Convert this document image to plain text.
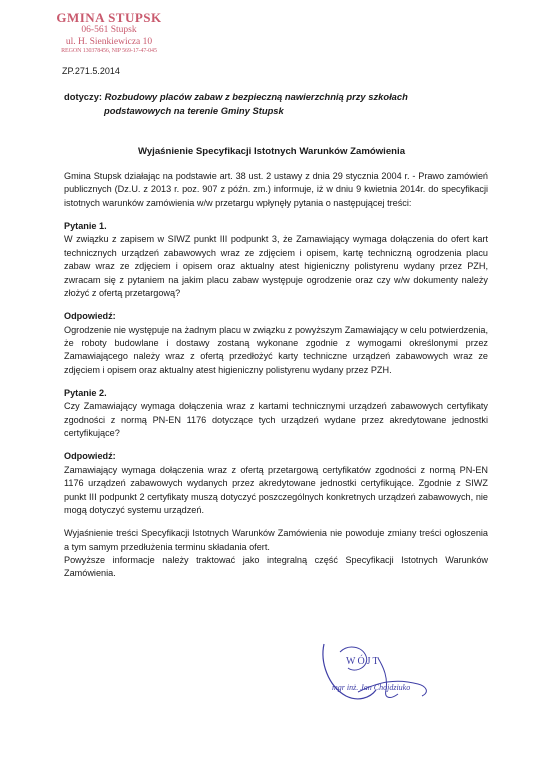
GMINA STUPSK
06-561 Stupsk
ul. H. Sienkiewicza 10
REGON 130378456, NIP 569-17-47-045
ZP.271.5.2014
dotyczy: Rozbudowy placów zabaw z bezpieczną nawierzchnią przy szkołach
podstawowych na terenie Gminy Stupsk
Wyjaśnienie Specyfikacji Istotnych Warunków Zamówienia

Gmina Stupsk działając na podstawie art. 38 ust. 2 ustawy z dnia 29 stycznia 2004 r. - Prawo zamówień publicznych (Dz.U. z 2013 r. poz. 907 z późn. zm.) informuje, iż w dniu 9 kwietnia 2014r. do specyfikacji istotnych warunków zamówienia w/w przetargu wpłynęły pytania o następującej treści:

Pytanie 1.

W związku z zapisem w SIWZ punkt III podpunkt 3, że Zamawiający wymaga dołączenia do ofert kart technicznych urządzeń zabawowych wraz ze zdjęciem i opisem, kartę techniczną ogrodzenia placu zabaw wraz ze zdjęciem i opisem oraz aktualny atest higieniczny polistyrenu wydany przez PZH, zwracam się z pytaniem na jakim placu zabaw występuje ogrodzenie oraz czy w/w dokumenty należy złożyć z ofertą przetargową?

Odpowiedź:

Ogrodzenie nie występuje na żadnym placu w związku z powyższym Zamawiający w celu potwierdzenia, że roboty budowlane i dostawy zostaną wykonane zgodnie z wymogami określonymi przez Zamawiającego należy wraz z ofertą przedłożyć karty techniczne urządzeń zabawowych wraz ze zdjęciem i opisem oraz aktualny atest higieniczny polistyrenu wydany przez PZH.

Pytanie 2.

Czy Zamawiający wymaga dołączenia wraz z kartami technicznymi urządzeń zabawowych certyfikaty zgodności z normą PN-EN 1176 dotyczące tych urządzeń wydane przez akredytowane jednostki certyfikujące?

Odpowiedź:

Zamawiający wymaga dołączenia wraz z ofertą przetargową certyfikatów zgodności z normą PN-EN 1176 urządzeń zabawowych wydanych przez akredytowane jednostki certyfikujące. Zgodnie z SIWZ punkt III podpunkt 2 certyfikaty muszą dotyczyć poszczególnych konkretnych urządzeń zabawowych, nie mogą dotyczyć systemu urządzeń.

Wyjaśnienie treści Specyfikacji Istotnych Warunków Zamówienia nie powoduje zmiany treści ogłoszenia a tym samym przedłużenia terminu składania ofert.

Powyższe informacje należy traktować jako integralną część Specyfikacji Istotnych Warunków Zamówienia.

WÓJT
mgr inż. Jan Chojdziuko
